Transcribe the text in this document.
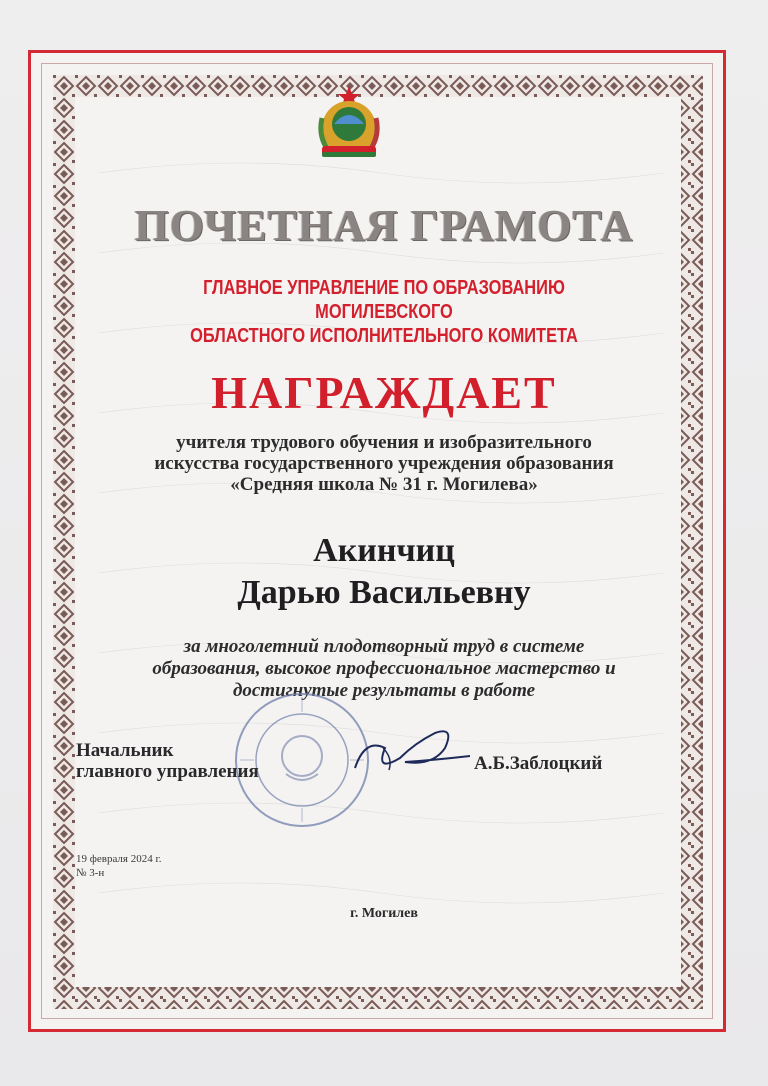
ПОЧЕТНАЯ ГРАМОТА
ГЛАВНОЕ УПРАВЛЕНИЕ ПО ОБРАЗОВАНИЮ
МОГИЛЕВСКОГО
ОБЛАСТНОГО ИСПОЛНИТЕЛЬНОГО КОМИТЕТА
НАГРАЖДАЕТ
учителя трудового обучения и изобразительного
искусства государственного учреждения образования
«Средняя школа № 31 г. Могилева»
Акинчиц
Дарью Васильевну
за многолетний плодотворный труд в системе
образования, высокое профессиональное мастерство и
достигнутые результаты в работе
Начальник
главного управления	А.Б.Заблоцкий
19 февраля 2024 г.
№ 3-н
г. Могилев
